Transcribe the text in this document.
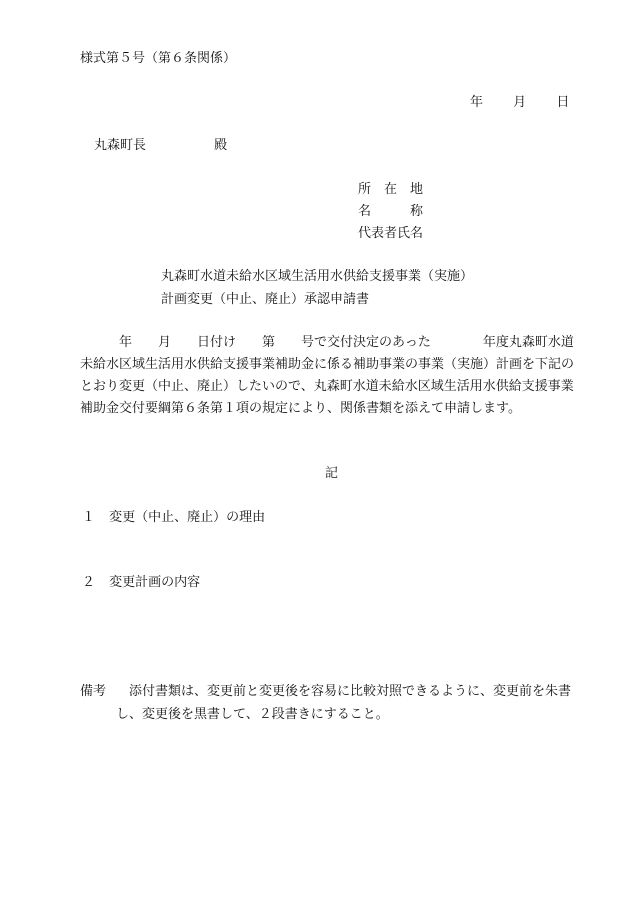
様式第５号（第６条関係）
年 月 日
丸森町長	殿
所　在　地
名　　　称
代表者氏名
丸森町水道未給水区域生活用水供給支援事業（実施）
計画変更（中止、廃止）承認申請書
　　　年　　月　　日付け　　第　　号で交付決定のあった　　　　年度丸森町水道
未給水区域生活用水供給支援事業補助金に係る補助事業の事業（実施）計画を下記の
とおり変更（中止、廃止）したいので、丸森町水道未給水区域生活用水供給支援事業
補助金交付要綱第６条第１項の規定により、関係書類を添えて申請します。
記
１ 変更（中止、廃止）の理由
２ 変更計画の内容
備考 添付書類は、変更前と変更後を容易に比較対照できるように、変更前を朱書
し、変更後を黒書して、２段書きにすること。
